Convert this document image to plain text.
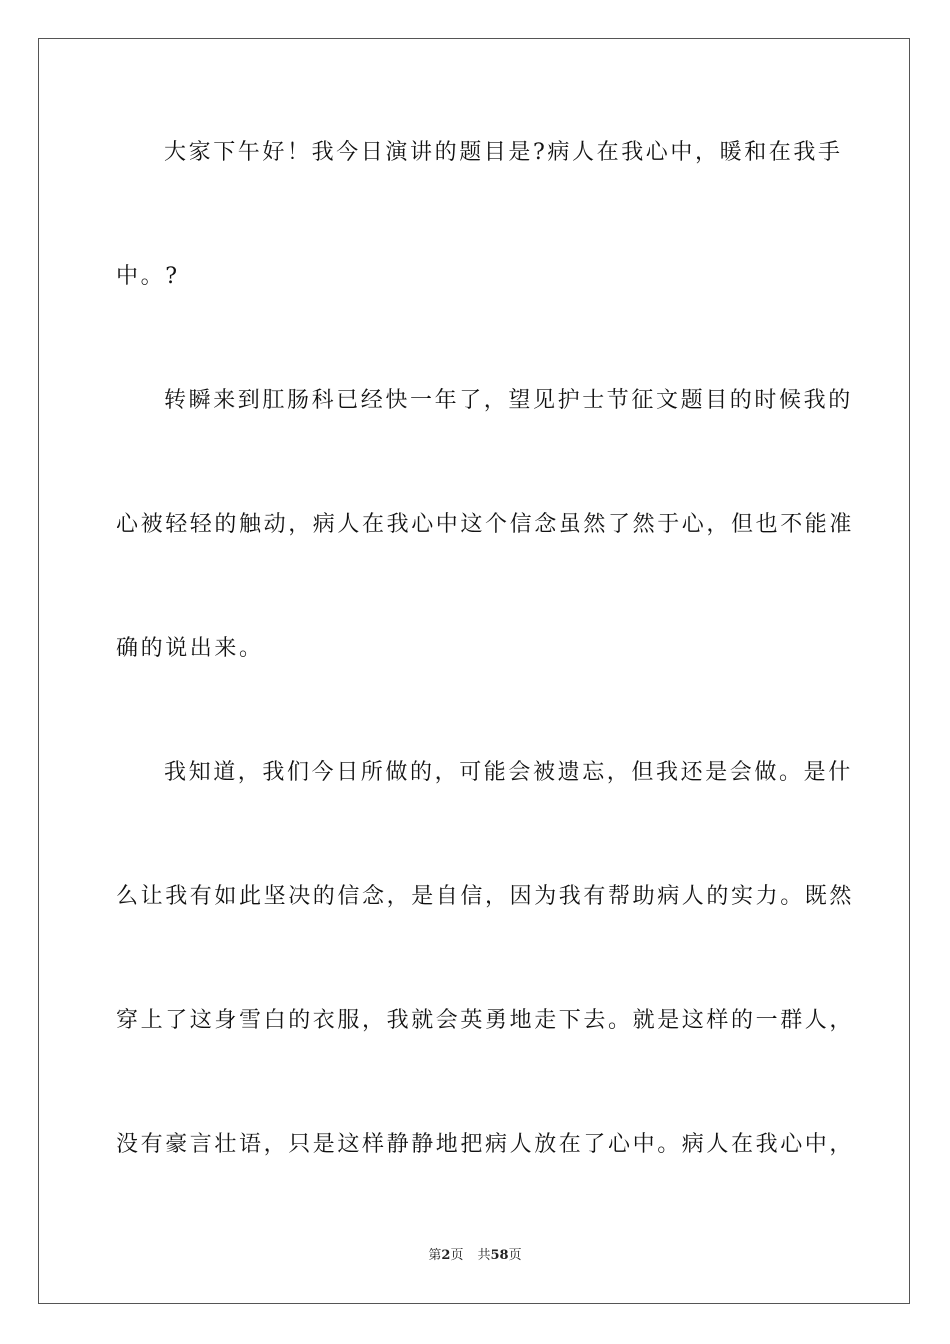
大家下午好！我今日演讲的题目是?病人在我心中，暖和在我手
中。?
转瞬来到肛肠科已经快一年了，望见护士节征文题目的时候我的
心被轻轻的触动，病人在我心中这个信念虽然了然于心，但也不能准
确的说出来。
我知道，我们今日所做的，可能会被遗忘，但我还是会做。是什
么让我有如此坚决的信念，是自信，因为我有帮助病人的实力。既然
穿上了这身雪白的衣服，我就会英勇地走下去。就是这样的一群人，
没有豪言壮语，只是这样静静地把病人放在了心中。病人在我心中，
第2页 共58页
